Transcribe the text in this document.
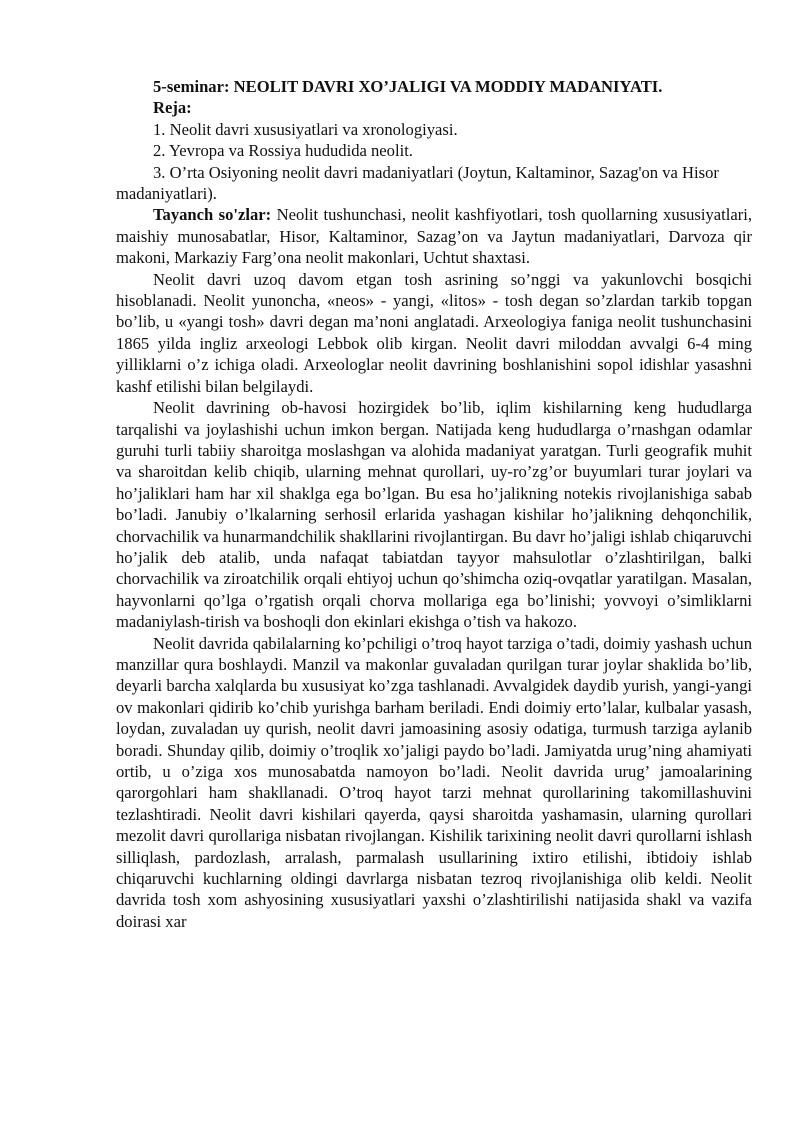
5-seminar: NEOLIT DAVRI XO’JALIGI VA MODDIY MADANIYATI.

Reja:

1. Neolit davri xususiyatlari va xronologiyasi.

2. Yevropa va Rossiya hududida neolit.

3. O’rta Osiyoning neolit davri madaniyatlari (Joytun, Kaltaminor, Sazag'on va Hisor madaniyatlari).

Tayanch so'zlar: Neolit tushunchasi, neolit kashfiyotlari, tosh quollarning xususiyatlari, maishiy munosabatlar, Hisor, Kaltaminor, Sazag’on va Jaytun madaniyatlari, Darvoza qir makoni, Markaziy Farg’ona neolit makonlari, Uchtut shaxtasi.

Neolit davri uzoq davom etgan tosh asrining so’nggi va yakunlovchi bosqichi hisoblanadi. Neolit yunoncha, «neos» - yangi, «litos» - tosh degan so’zlardan tarkib topgan bo’lib, u «yangi tosh» davri degan ma’noni anglatadi. Arxeologiya faniga neolit tushunchasini 1865 yilda ingliz arxeologi Lebbok olib kirgan. Neolit davri miloddan avvalgi 6-4 ming yilliklarni o’z ichiga oladi. Arxeologlar neolit davrining boshlanishini sopol idishlar yasashni kashf etilishi bilan belgilaydi.

Neolit davrining ob-havosi hozirgidek bo’lib, iqlim kishilarning keng hududlarga tarqalishi va joylashishi uchun imkon bergan. Natijada keng hududlarga o’rnashgan odamlar guruhi turli tabiiy sharoitga moslashgan va alohida madaniyat yaratgan. Turli geografik muhit va sharoitdan kelib chiqib, ularning mehnat qurollari, uy-ro’zg’or buyumlari turar joylari va ho’jaliklari ham har xil shaklga ega bo’lgan. Bu esa ho’jalikning notekis rivojlanishiga sabab bo’ladi. Janubiy o’lkalarning serhosil erlarida yashagan kishilar ho’jalikning dehqonchilik, chorvachilik va hunarmandchilik shakllarini rivojlantirgan. Bu davr ho’jaligi ishlab chiqaruvchi ho’jalik deb atalib, unda nafaqat tabiatdan tayyor mahsulotlar o’zlashtirilgan, balki chorvachilik va ziroatchilik orqali ehtiyoj uchun qo’shimcha oziq-ovqatlar yaratilgan. Masalan, hayvonlarni qo’lga o’rgatish orqali chorva mollariga ega bo’linishi; yovvoyi o’simliklarni madaniylash-tirish va boshoqli don ekinlari ekishga o’tish va hakozo.

Neolit davrida qabilalarning ko’pchiligi o’troq hayot tarziga o’tadi, doimiy yashash uchun manzillar qura boshlaydi. Manzil va makonlar guvaladan qurilgan turar joylar shaklida bo’lib, deyarli barcha xalqlarda bu xususiyat ko’zga tashlanadi. Avvalgidek daydib yurish, yangi-yangi ov makonlari qidirib ko’chib yurishga barham beriladi. Endi doimiy erto’lalar, kulbalar yasash, loydan, zuvaladan uy qurish, neolit davri jamoasining asosiy odatiga, turmush tarziga aylanib boradi. Shunday qilib, doimiy o’troqlik xo’jaligi paydo bo’ladi. Jamiyatda urug’ning ahamiyati ortib, u o’ziga xos munosabatda namoyon bo’ladi. Neolit davrida urug’ jamoalarining qarorgohlari ham shakllanadi. O’troq hayot tarzi mehnat qurollarining takomillashuvini tezlashtiradi. Neolit davri kishilari qayerda, qaysi sharoitda yashamasin, ularning qurollari mezolit davri qurollariga nisbatan rivojlangan. Kishilik tarixining neolit davri qurollarni ishlash silliqlash, pardozlash, arralash, parmalash usullarining ixtiro etilishi, ibtidoiy ishlab chiqaruvchi kuchlarning oldingi davrlarga nisbatan tezroq rivojlanishiga olib keldi. Neolit davrida tosh xom ashyosining xususiyatlari yaxshi o’zlashtirilishi natijasida shakl va vazifa doirasi xar
